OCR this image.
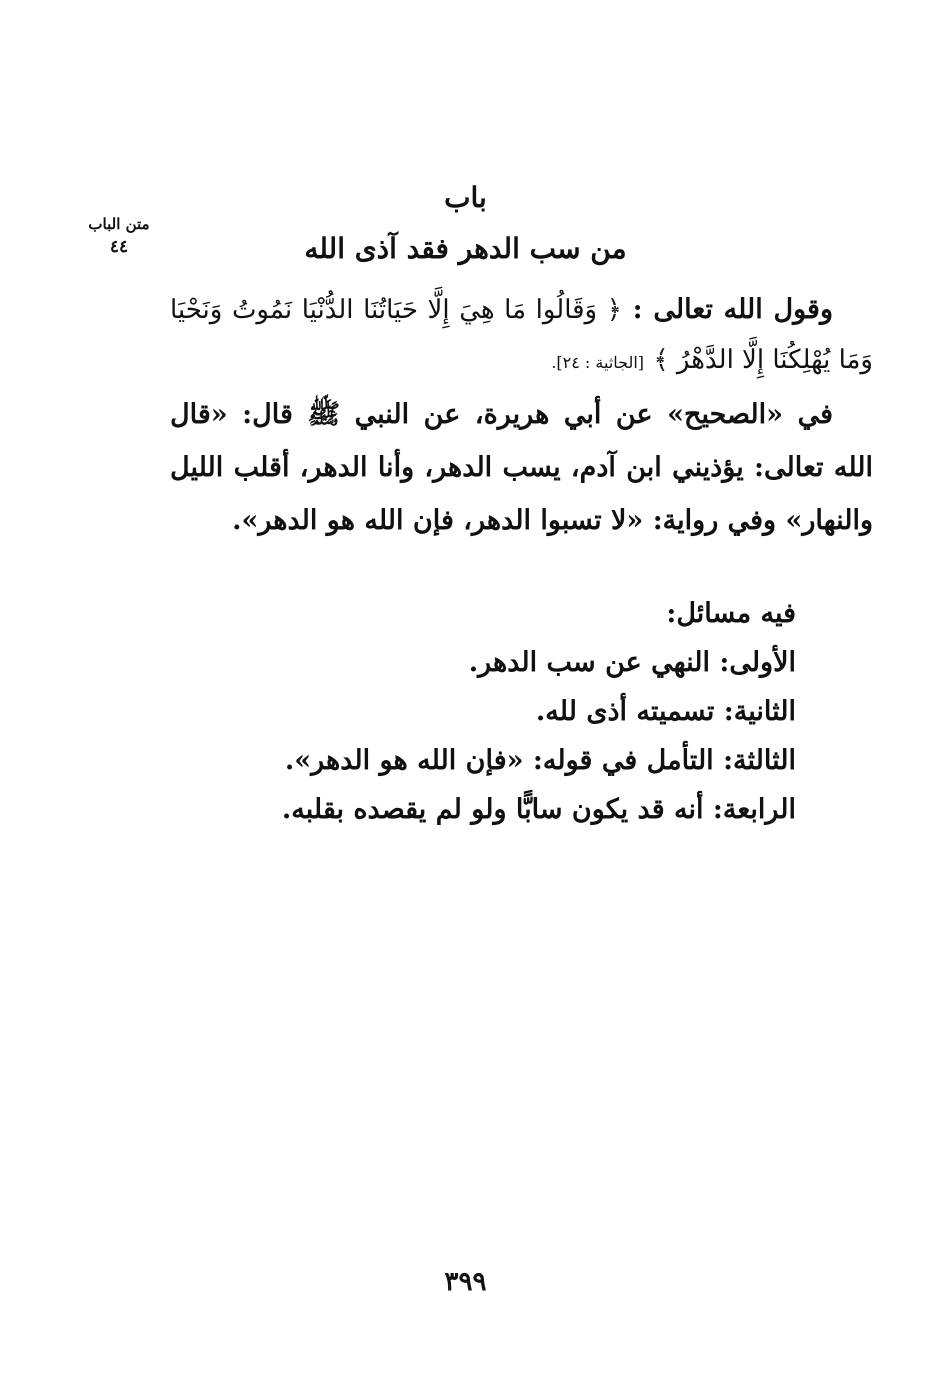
متن الباب
٤٤
باب
من سب الدهر فقد آذى الله

وقول الله تعالى : ﴿ وَقَالُوا مَا هِيَ إِلَّا حَيَاتُنَا الدُّنْيَا نَمُوتُ وَنَحْيَا وَمَا يُهْلِكُنَا إِلَّا الدَّهْرُ ﴾ [الجاثية : ٢٤].

في «الصحيح» عن أبي هريرة، عن النبي ﷺ قال: «قال الله تعالى: يؤذيني ابن آدم، يسب الدهر، وأنا الدهر، أقلب الليل والنهار» وفي رواية: «لا تسبوا الدهر، فإن الله هو الدهر».

فيه مسائل:
الأولى: النهي عن سب الدهر.
الثانية: تسميته أذى لله.
الثالثة: التأمل في قوله: «فإن الله هو الدهر».
الرابعة: أنه قد يكون سابًّا ولو لم يقصده بقلبه.
٣٩٩
